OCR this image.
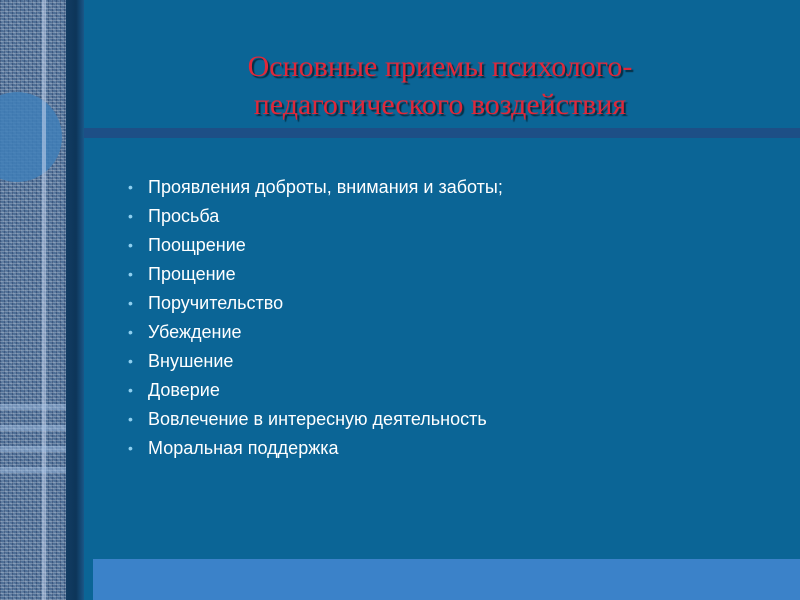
Основные приемы психолого-
педагогического воздействия
• Проявления доброты, внимания и заботы;
• Просьба
• Поощрение
• Прощение
• Поручительство
• Убеждение
• Внушение
• Доверие
• Вовлечение в интересную деятельность
• Моральная поддержка
